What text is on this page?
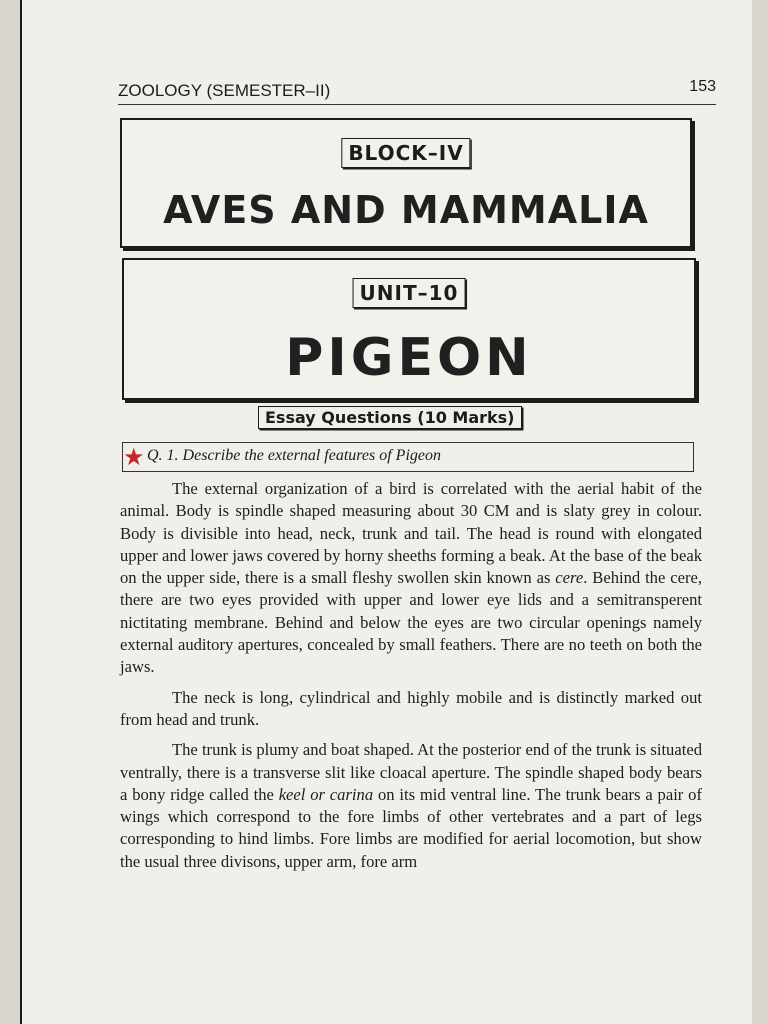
ZOOLOGY (SEMESTER–II)	153
BLOCK–IV
AVES AND MAMMALIA
UNIT–10
PIGEON
Essay Questions (10 Marks)
★ Q. 1. Describe the external features of Pigeon

The external organization of a bird is correlated with the aerial habit of the animal. Body is spindle shaped measuring about 30 CM and is slaty grey in colour. Body is divisible into head, neck, trunk and tail. The head is round with elongated upper and lower jaws covered by horny sheeths forming a beak. At the base of the beak on the upper side, there is a small fleshy swollen skin known as cere. Behind the cere, there are two eyes provided with upper and lower eye lids and a semitransperent nictitating membrane. Behind and below the eyes are two circular openings namely external auditory apertures, concealed by small feathers. There are no teeth on both the jaws.

The neck is long, cylindrical and highly mobile and is distinctly marked out from head and trunk.

The trunk is plumy and boat shaped. At the posterior end of the trunk is situated ventrally, there is a transverse slit like cloacal aperture. The spindle shaped body bears a bony ridge called the keel or carina on its mid ventral line. The trunk bears a pair of wings which correspond to the fore limbs of other vertebrates and a part of legs corresponding to hind limbs. Fore limbs are modified for aerial locomotion, but show the usual three divisons, upper arm, fore arm
